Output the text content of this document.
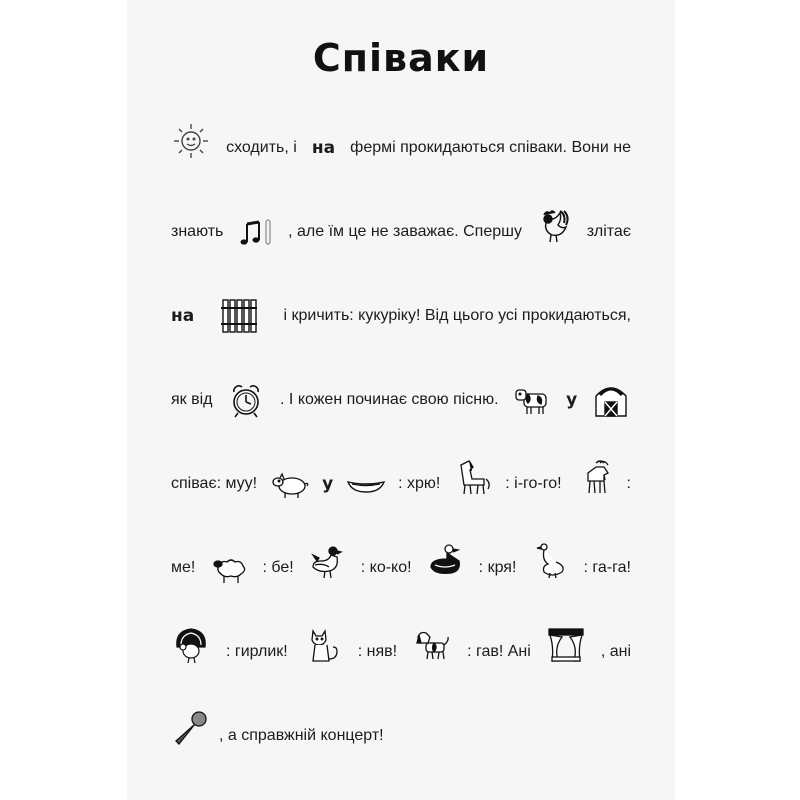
Співаки
сходить, і на фермі прокидаються співаки. Вони не
знають	, але їм це не заважає. Спершу	злітає
на	і кричить: кукуріку! Від цього усі прокидаються,
як від	. І кожен починає свою пісню.	у
співає: муу!	у	: хрю!	: і-го-го!	:
ме!	: бе!	: ко-ко!	: кря!	: га-га!
: гирлик!	: няв!	: гав! Ані	, ані
, а справжній концерт!
